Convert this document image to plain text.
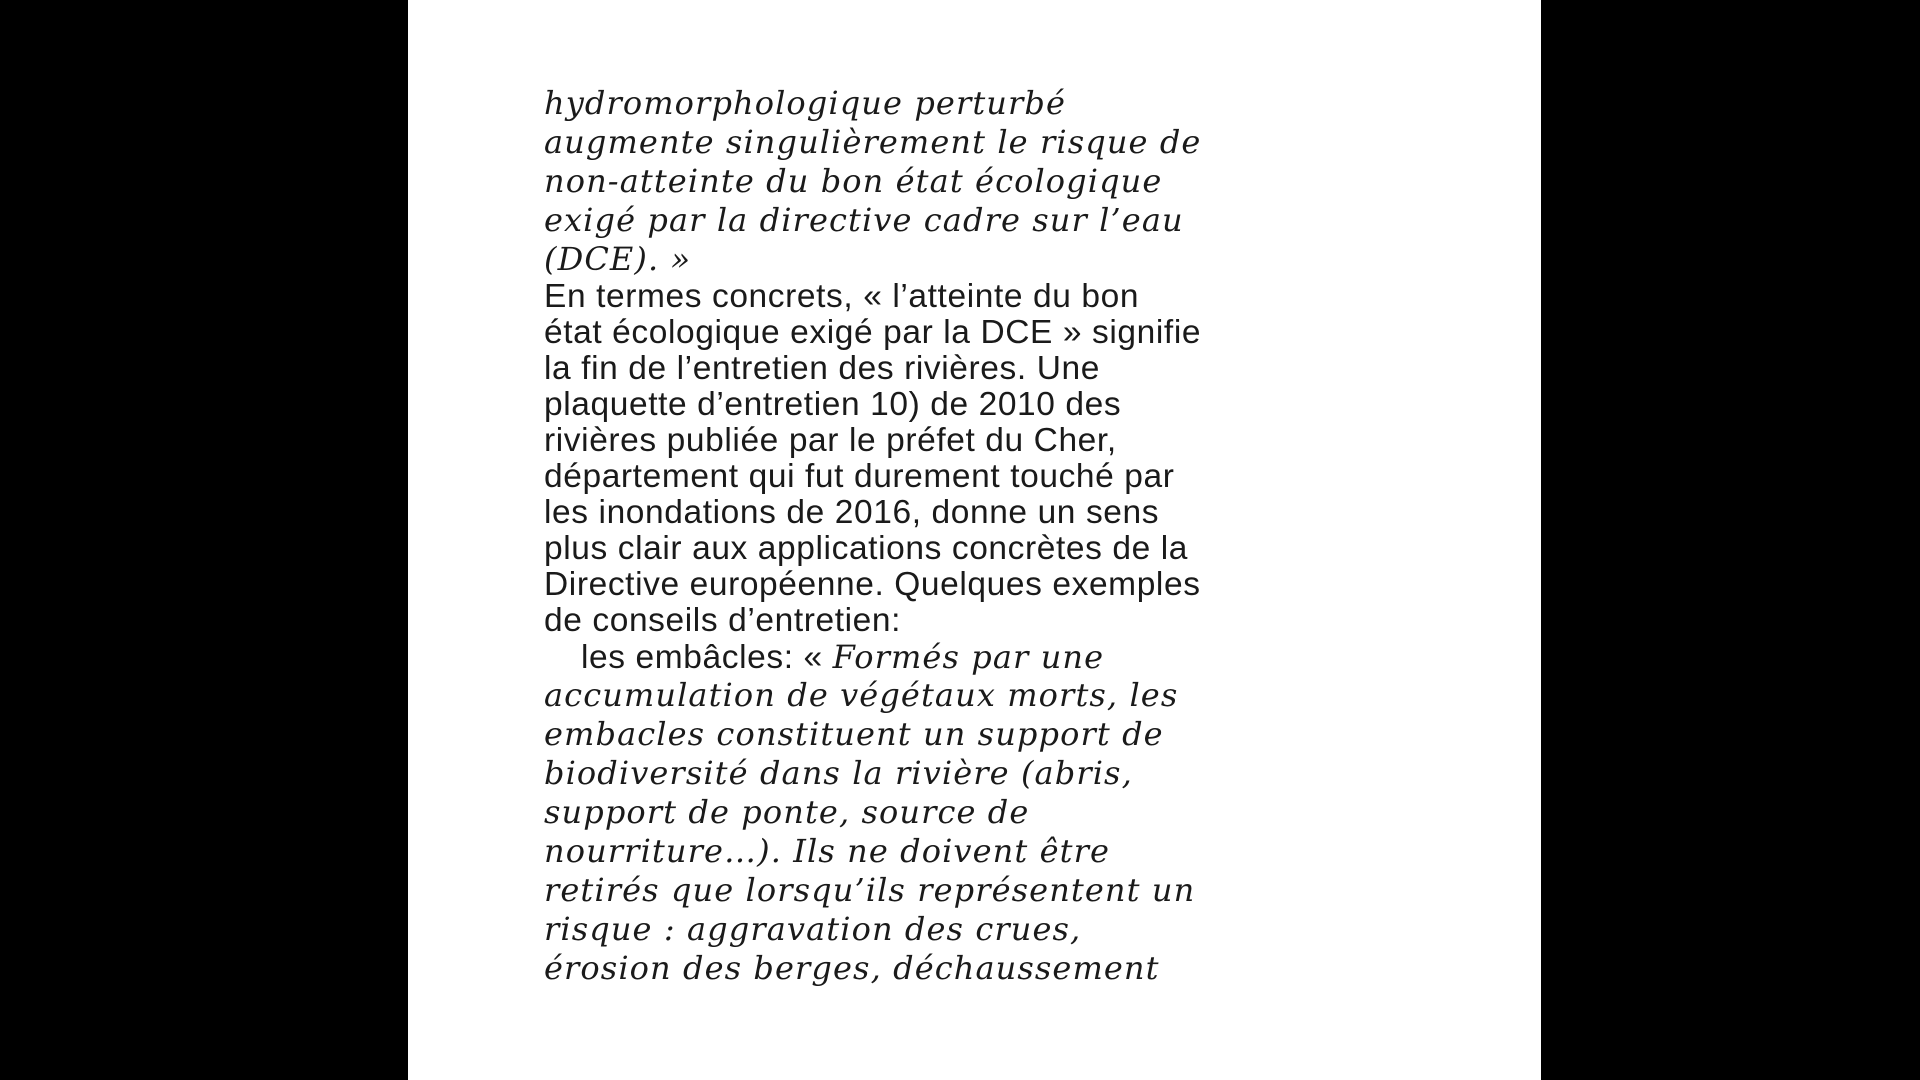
hydromorphologique perturbé
augmente singulièrement le risque de
non-atteinte du bon état écologique
exigé par la directive cadre sur l’eau
(DCE). »
En termes concrets, « l’atteinte du bon
état écologique exigé par la DCE » signifie
la fin de l’entretien des rivières. Une
plaquette d’entretien 10) de 2010 des
rivières publiée par le préfet du Cher,
département qui fut durement touché par
les inondations de 2016, donne un sens
plus clair aux applications concrètes de la
Directive européenne. Quelques exemples
de conseils d’entretien:
les embâcles: « Formés par une
accumulation de végétaux morts, les
embacles constituent un support de
biodiversité dans la rivière (abris,
support de ponte, source de
nourriture…). Ils ne doivent être
retirés que lorsqu’ils représentent un
risque : aggravation des crues,
érosion des berges, déchaussement
